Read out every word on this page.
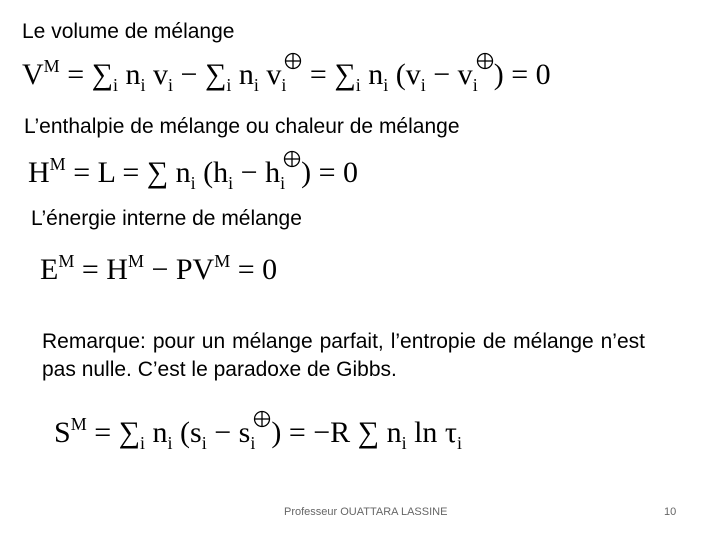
Le volume de mélange
$V^M = \sum_i$ $n_i$ $v_i - \sum_i$ $n_i$ $v_i$
= $\sum_i$ $n_i$ ($v_i - v_i$ ) = 0
L’enthalpie de mélange ou chaleur de mélange
$H^M = L$ = ∑ $n_i$ ($h_i - h_i$ ) = 0
L’énergie interne de mélange
$E^M = H^M - PV^M = 0$
Remarque: pour un mélange parfait, l’entropie de mélange n’est pas nulle. C’est le paradoxe de Gibbs.
$S^M = \sum_i$ $n_i$ ($s_i - s_i$ ) = −R ∑ $n_i$ $\ln \tau_i$
Professeur OUATTARA LASSINE	10
